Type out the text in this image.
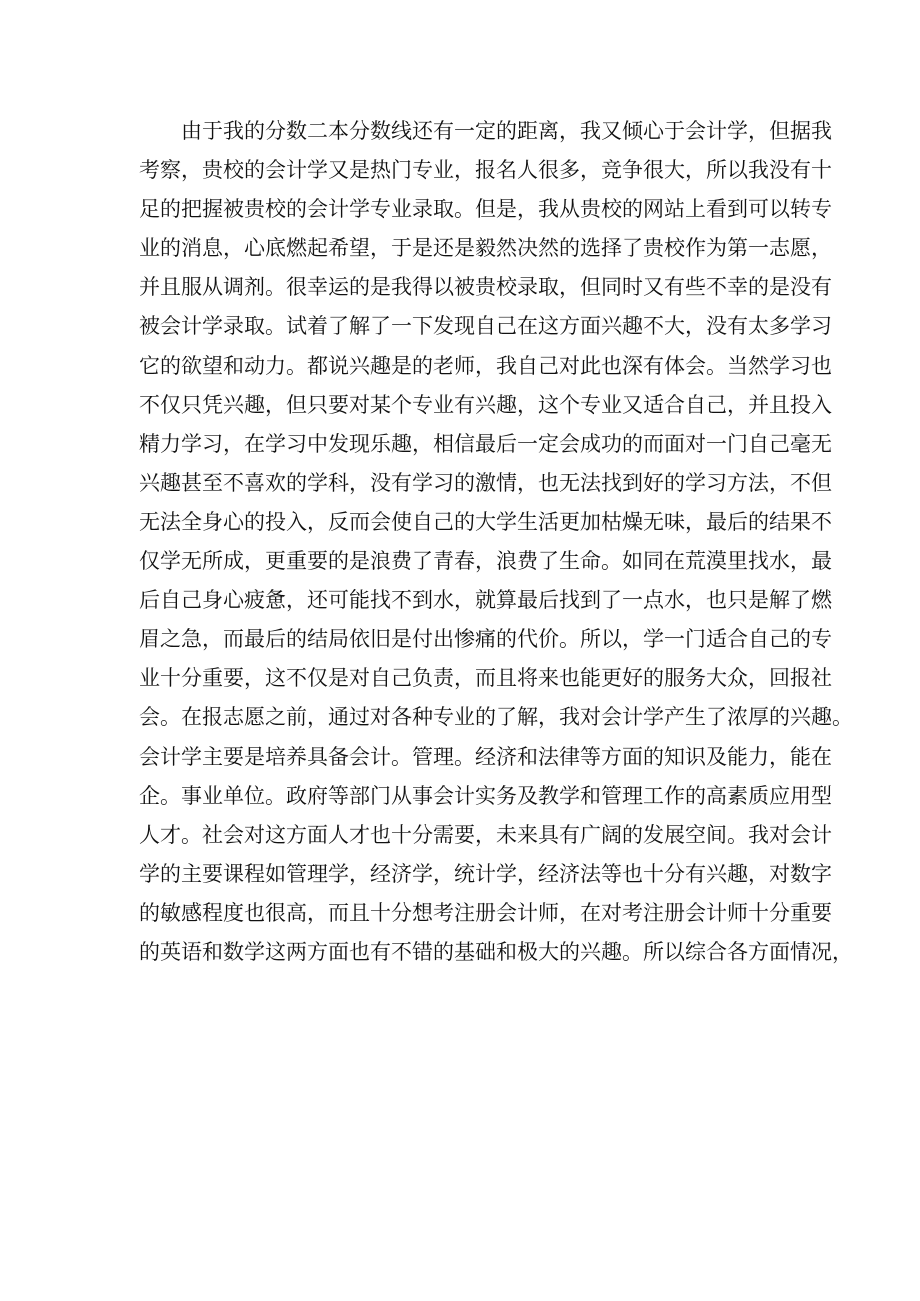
由于我的分数二本分数线还有一定的距离，我又倾心于会计学，但据我
考察，贵校的会计学又是热门专业，报名人很多，竞争很大，所以我没有十
足的把握被贵校的会计学专业录取。但是，我从贵校的网站上看到可以转专
业的消息，心底燃起希望，于是还是毅然决然的选择了贵校作为第一志愿，
并且服从调剂。很幸运的是我得以被贵校录取，但同时又有些不幸的是没有
被会计学录取。试着了解了一下发现自己在这方面兴趣不大，没有太多学习
它的欲望和动力。都说兴趣是的老师，我自己对此也深有体会。当然学习也
不仅只凭兴趣，但只要对某个专业有兴趣，这个专业又适合自己，并且投入
精力学习，在学习中发现乐趣，相信最后一定会成功的而面对一门自己毫无
兴趣甚至不喜欢的学科，没有学习的激情，也无法找到好的学习方法，不但
无法全身心的投入，反而会使自己的大学生活更加枯燥无味，最后的结果不
仅学无所成，更重要的是浪费了青春，浪费了生命。如同在荒漠里找水，最
后自己身心疲惫，还可能找不到水，就算最后找到了一点水，也只是解了燃
眉之急，而最后的结局依旧是付出惨痛的代价。所以，学一门适合自己的专
业十分重要，这不仅是对自己负责，而且将来也能更好的服务大众，回报社
会。在报志愿之前，通过对各种专业的了解，我对会计学产生了浓厚的兴趣。
会计学主要是培养具备会计。管理。经济和法律等方面的知识及能力，能在
企。事业单位。政府等部门从事会计实务及教学和管理工作的高素质应用型
人才。社会对这方面人才也十分需要，未来具有广阔的发展空间。我对会计
学的主要课程如管理学，经济学，统计学，经济法等也十分有兴趣，对数字
的敏感程度也很高，而且十分想考注册会计师，在对考注册会计师十分重要
的英语和数学这两方面也有不错的基础和极大的兴趣。所以综合各方面情况，
